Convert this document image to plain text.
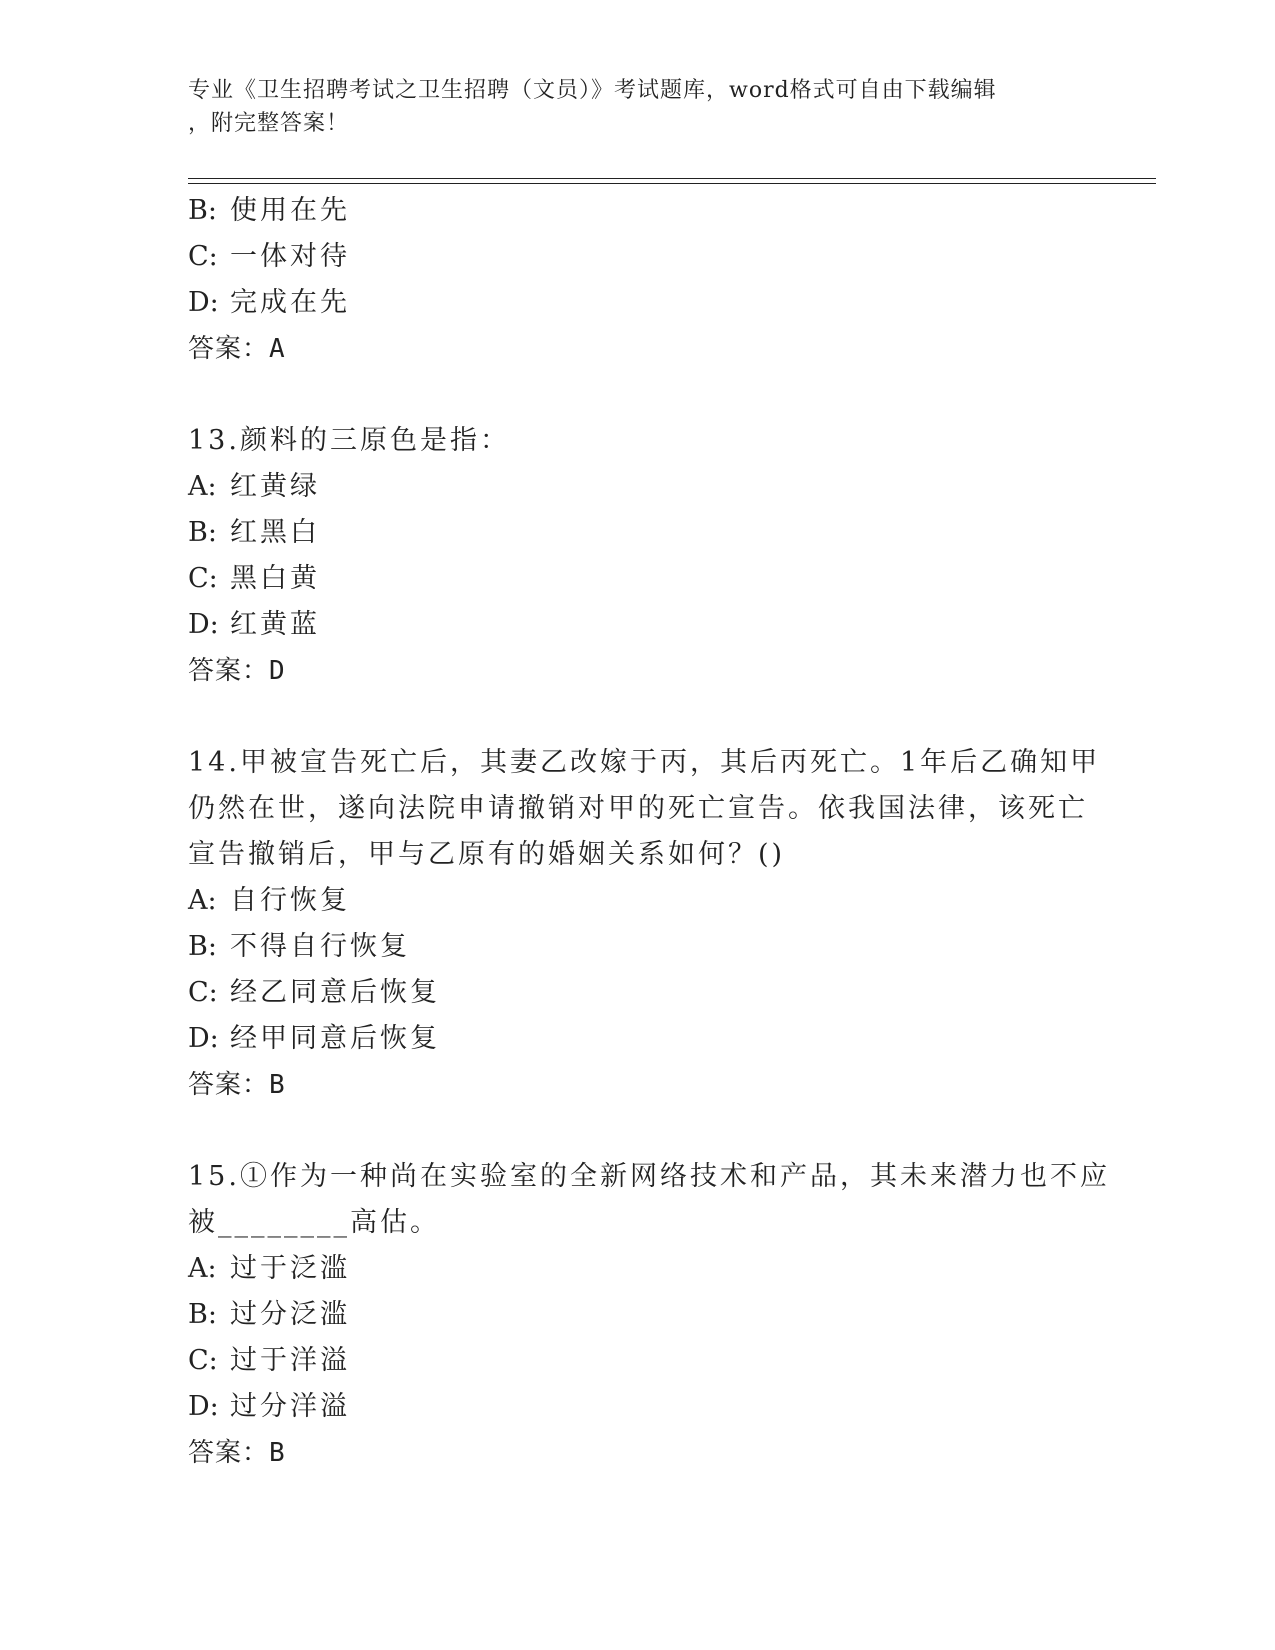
专业《卫生招聘考试之卫生招聘（文员）》考试题库，word格式可自由下载编辑
，附完整答案！
B: 使用在先
C: 一体对待
D: 完成在先
答案：A
13.颜料的三原色是指：
A: 红黄绿
B: 红黑白
C: 黑白黄
D: 红黄蓝
答案：D
14.甲被宣告死亡后，其妻乙改嫁于丙，其后丙死亡。1年后乙确知甲
仍然在世，遂向法院申请撤销对甲的死亡宣告。依我国法律，该死亡
宣告撤销后，甲与乙原有的婚姻关系如何？()
A: 自行恢复
B: 不得自行恢复
C: 经乙同意后恢复
D: 经甲同意后恢复
答案：B
15.①作为一种尚在实验室的全新网络技术和产品，其未来潜力也不应
被________高估。
A: 过于泛滥
B: 过分泛滥
C: 过于洋溢
D: 过分洋溢
答案：B
